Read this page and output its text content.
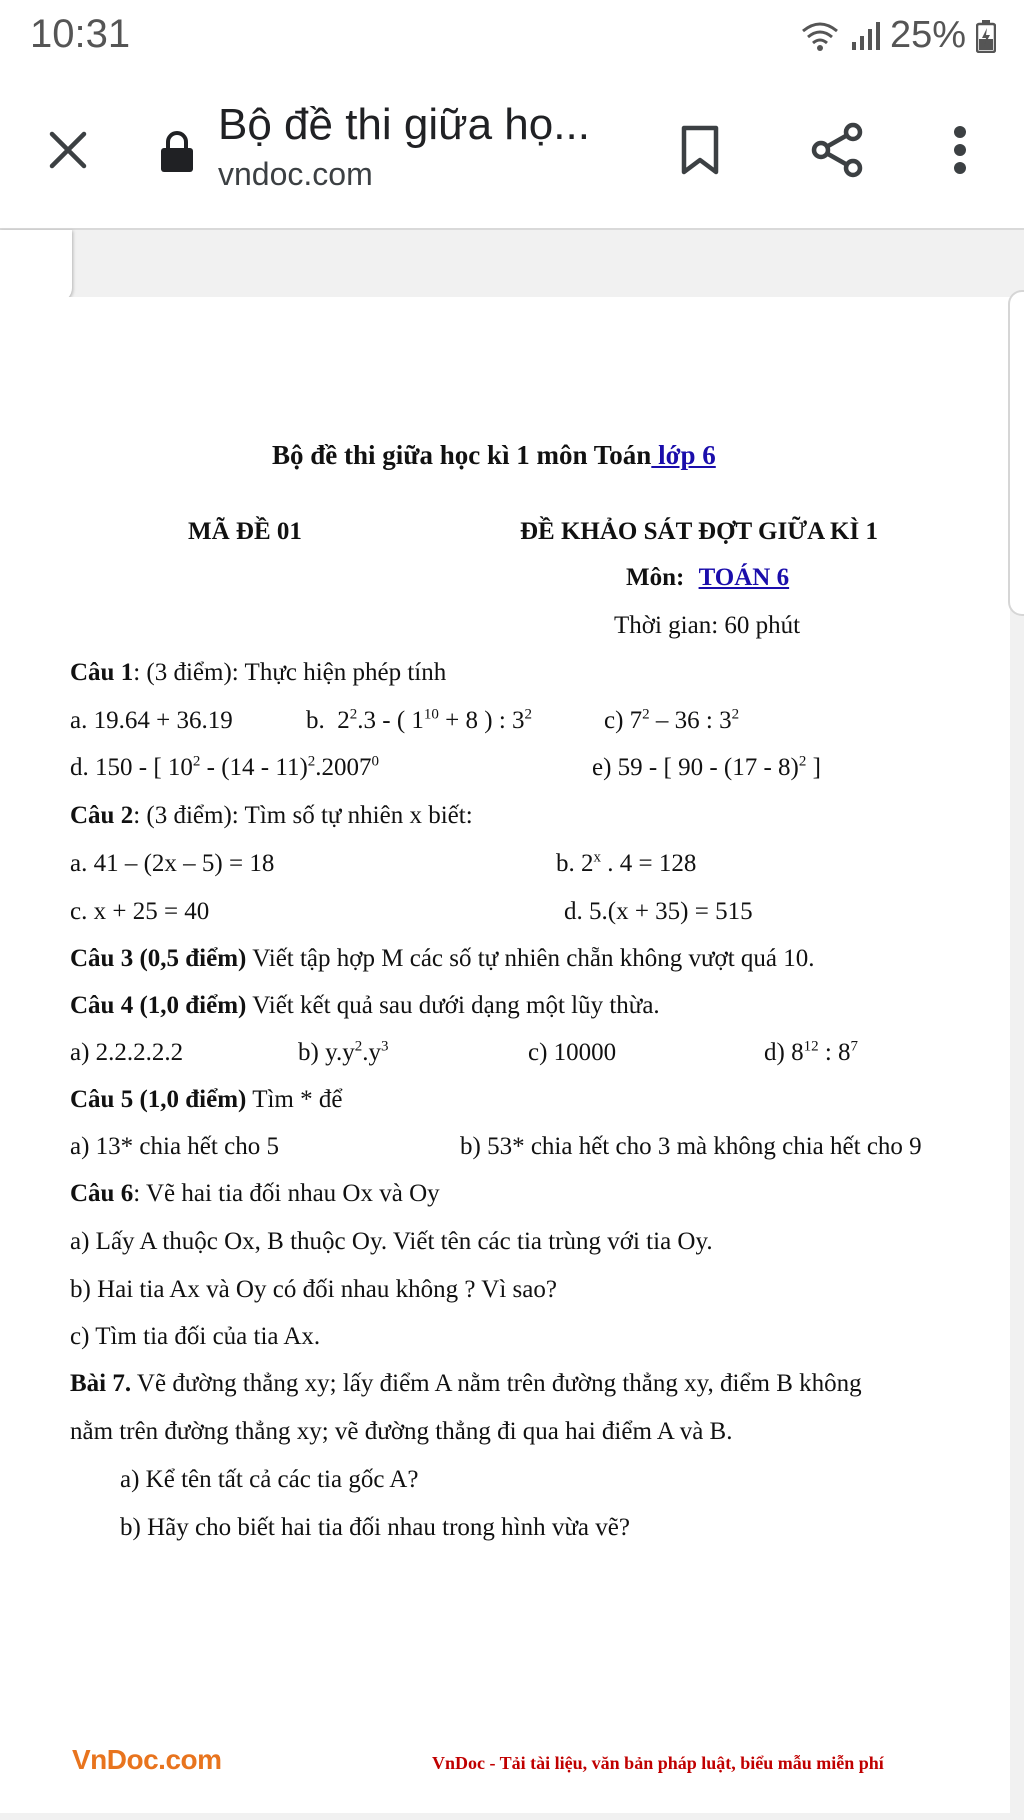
10:31	25%
Bộ đề thi giữa họ...
vndoc.com
Bộ đề thi giữa học kì 1 môn Toán lớp 6
MÃ ĐỀ 01	ĐỀ KHẢO SÁT ĐỢT GIỮA KÌ 1
Môn: TOÁN 6
Thời gian: 60 phút
Câu 1: (3 điểm): Thực hiện phép tính
a. 19.64 + 36.19	b.  $2^2.3$ - ( $1^{10} + 8$ ) : $3^2$	c) $7^2 - 36$ : $3^2$
d. 150 - [ $10^2 - (14 - 11)^2.2007^0$	e) 59 - [ 90 - (17 - 8)$^2$ ]
Câu 2: (3 điểm): Tìm số tự nhiên x biết:
a. 41 – (2x – 5) = 18	b. 2$^x$ . 4 = 128
c. x + 25 = 40	d. 5.(x + 35) = 515
Câu 3 (0,5 điểm) Viết tập hợp M các số tự nhiên chẵn không vượt quá 10.
Câu 4 (1,0 điểm) Viết kết quả sau dưới dạng một lũy thừa.
a) 2.2.2.2.2	b) $y.y^2.y^3$	c) 10000	d) $8^{12}$ : $8^7$
Câu 5 (1,0 điểm) Tìm * để
a) 13* chia hết cho 5	b) 53* chia hết cho 3 mà không chia hết cho 9
Câu 6: Vẽ hai tia đối nhau Ox và Oy
a) Lấy A thuộc Ox, B thuộc Oy. Viết tên các tia trùng với tia Oy.
b) Hai tia Ax và Oy có đối nhau không ? Vì sao?
c) Tìm tia đối của tia Ax.
Bài 7. Vẽ đường thẳng xy; lấy điểm A nằm trên đường thẳng xy, điểm B không
nằm trên đường thẳng xy; vẽ đường thẳng đi qua hai điểm A và B.
a) Kể tên tất cả các tia gốc A?
b) Hãy cho biết hai tia đối nhau trong hình vừa vẽ?
VnDoc.com	VnDoc - Tải tài liệu, văn bản pháp luật, biểu mẫu miễn phí
